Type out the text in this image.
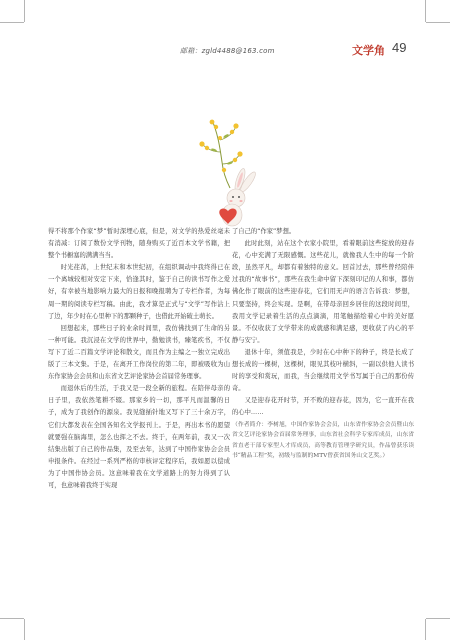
邮箱：zgld4488@163.com	文学角 49

得不将那个作家“梦”暂时深埋心底，但是，对文学的热爱丝毫未有消减：订阅了数份文学刊物，随身购买了近百本文学书籍，把整个书橱塞的满满当当。

时光荏苒，上世纪末和本世纪初，在组织调动中我终得已在一个离城较相对安定下来，恰逢其时，鉴于自己的读书写作之爱好，有幸被当地影响力最大的日报和晚报聘为了专栏作者，为每周一期的阅读专栏写稿。由此，我才算是正式与“文学”写作沾上了边，年少时在心里种下的那颗种子，也借此开始破土萌长。

回想起来，那些日子的业余时间里，我仿佛找到了生命的另一种可能。我沉浸在文学的世界中，勤勉读书，臻笔疾书，不仅写下了近二百篇文学评论和散文，而且作为主编之一独立完成出版了三本文集。于是，在离开工作岗位的第二年，即被吸收为山东作家协会会员和山东省文艺评论家协会首届常务理事。

而退休后的生活，于我又是一段全新的旅程。在陪伴母亲的日子里，我依然笔耕不辍。那家乡的一切，那平凡而温馨的日子，成为了我创作的源泉。我见缝插针地又写下了三十余万字，它们大都发表在全国各知名文学报刊上。于是，再出本书的愿望就要强在脑海里，怎么也挥之不去。终于，在两年前，我又一次结集出版了自己的作品集，及至去年，达到了中国作家协会会员申报条件。在经过一系列严格的审核评定程序后，我如愿以偿成为了中国作协会员。这意味着我在文学道路上的努力得到了认可，也意味着我终于实现

了自己的“作家”梦想。

此时此刻，站在这个衣家小院里，看着眼前这些绽放的迎春花，心中充满了无限感慨。这些花儿，就像我人生中的每一个阶段，虽然平凡，却都有着独特的意义。回首过去，那些曾经陪伴过我的“故事书”，那些在我生命中留下深刻印记的人和事，都仿佛化作了眼前的这些迎春花，它们用无声的语言告诉我：梦想，只要坚持，终会实现。是啊，在带母亲回乡居住的这段时间里，我用文学记录着生活的点点滴滴，用笔触描绘着心中的美好愿景。不仅收获了文学带来的成就感和满足感，更收获了内心的平静与安宁。

退休十年，须值我是，少时在心中种下的种子，终是长成了想长成的一棵树，这棵树，眼见其枝叶横斜，一副以供他人读书时的享受和赏玩，而我，当会继续用文学书写属于自己的那份传奇。

又是迎春花开时节，开不败的迎春花，因为，它一直开在我的心中……

（作者简介：李树旭，中国作家协会会员，山东省作家协会会员暨山东省文艺评论家协会首届常务理事，山东省社会科学专家库成员，山东省省直老干部专家型人才库成员，高等教育管理学研究员，作品曾获乐读书“精品工程”奖，初级与监制的MTV曾获省国务山文艺奖。）
